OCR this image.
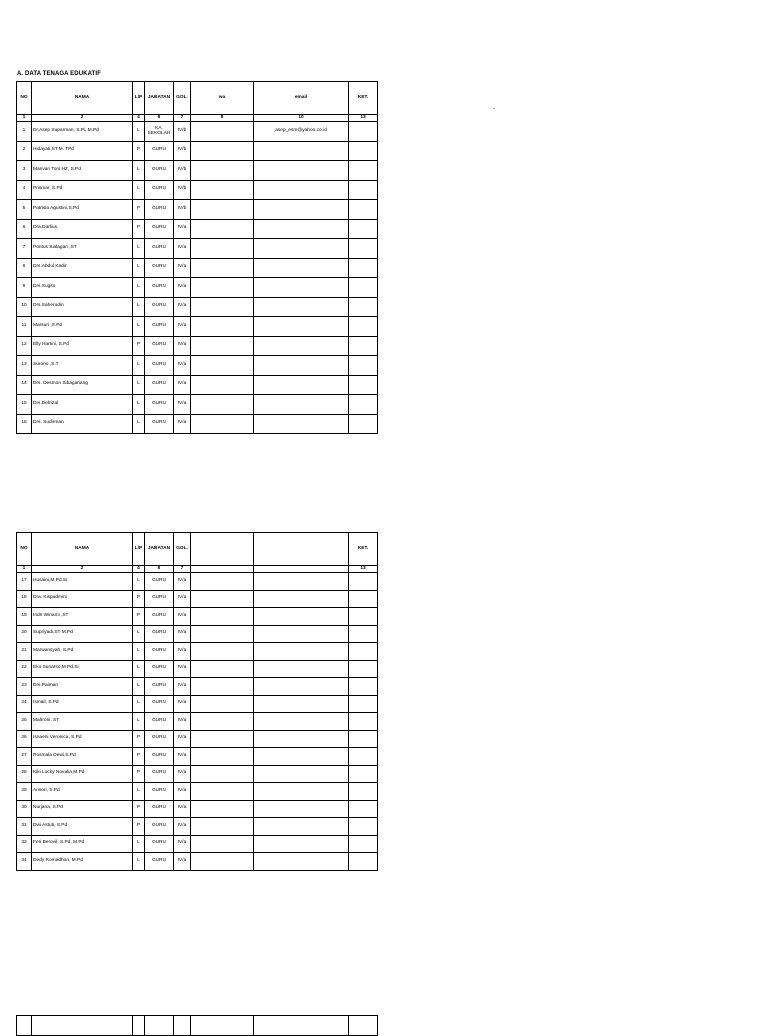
A. DATA TENAGA EDUKATIF
NO	NAMA	L/P	JABATAN	GOL.	wa	email	KET.
1	2	4	6	7	8	10	13
1	Dr.Asep Suparman, S.Pi, M.Pd	L	KA. SEKOLAH	IV/b		asep_esm@yahoo.co.id	
2	Hidayati,ST.M. TPd	P	GURU	IV/b			
3	Manvan Toni HZ, S.Pd	L	GURU	IV/b			
4	Prismar, S.Pd	L	GURU	IV/b			
5	Patrisia Agustini,S.Pd	P	GURU	IV/b			
6	Dra.Darlius	P	GURU	IV/a			
7	Pontus Sialagan ,ST	L	GURU	IV/a			
8	Drs.Abdul Kadir	L	GURU	IV/a			
9	Drs.Sugito	L	GURU	IV/a			
10	Drs.Saherudin	L	GURU	IV/a			
11	Marsuri ,S.Pd	L	GURU	IV/a			
12	Elly Hartini, S.Pd	P	GURU	IV/a			
13	Surono ,S.T	L	GURU	IV/a			
14	Drs. Desmon Sibagariang	L	GURU	IV/a			
15	Drs.Defrizal	L	GURU	IV/a			
16	Drs. Sudirman	L	GURU	IV/a			
NO	NAMA	L/P	JABATAN	GOL.			KET.
1	2	4	6	7			13
17	Husaini,M.Pd.Si	L	GURU	IV/a			
18	Dra. Kispadmini	P	GURU	IV/a			
19	Indri Winami ,ST	P	GURU	IV/a			
20	Supriyadi,ST M.Pd	L	GURU	IV/a			
21	Marwansyah, S.Pd	L	GURU	IV/a			
22	Eko Sunarso,M.Pd.Si	L	GURU	IV/a			
23	Drs.Paiman	L	GURU	IV/a			
24	Ismail, S.Pd	L	GURU	IV/a			
25	Mahroni, ST	L	GURU	IV/a			
26	Isnaeni Veronica, S.Pd	P	GURU	IV/a			
27	Rosmala Dewi,S.Pd	P	GURU	IV/a			
28	Kiki Lucky Novalia,M.Pd	P	GURU	IV/a			
29	Ansori, S.Pd	L	GURU	IV/a			
30	Nurjana, S.Pd	P	GURU	IV/a			
31	Dwi Astuti, S.Pd	P	GURU	IV/a			
32	Feri Berovil, S.Pd, M.Pd	L	GURU	IV/a			
34	Dedy Romadhon, M.Pd	L	GURU	IV/a			
